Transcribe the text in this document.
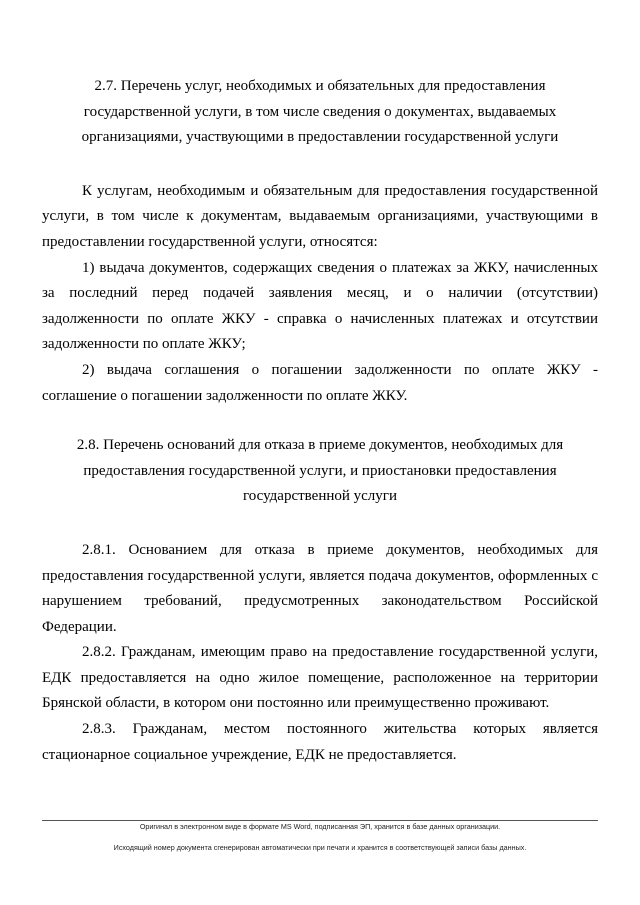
2.7. Перечень услуг, необходимых и обязательных для предоставления государственной услуги, в том числе сведения о документах, выдаваемых организациями, участвующими в предоставлении государственной услуги

К услугам, необходимым и обязательным для предоставления государственной услуги, в том числе к документам, выдаваемым организациями, участвующими в предоставлении государственной услуги, относятся:

1) выдача документов, содержащих сведения о платежах за ЖКУ, начисленных за последний перед подачей заявления месяц, и о наличии (отсутствии) задолженности по оплате ЖКУ - справка о начисленных платежах и отсутствии задолженности по оплате ЖКУ;

2) выдача соглашения о погашении задолженности по оплате ЖКУ - соглашение о погашении задолженности по оплате ЖКУ.

2.8. Перечень оснований для отказа в приеме документов, необходимых для предоставления государственной услуги, и приостановки предоставления государственной услуги

2.8.1. Основанием для отказа в приеме документов, необходимых для предоставления государственной услуги, является подача документов, оформленных с нарушением требований, предусмотренных законодательством Российской Федерации.

2.8.2. Гражданам, имеющим право на предоставление государственной услуги, ЕДК предоставляется на одно жилое помещение, расположенное на территории Брянской области, в котором они постоянно или преимущественно проживают.

2.8.3. Гражданам, местом постоянного жительства которых является стационарное социальное учреждение, ЕДК не предоставляется.

Оригинал в электронном виде в формате MS Word, подписанная ЭП, хранится в базе данных организации.
Исходящий номер документа сгенерирован автоматически при печати и хранится в соответствующей записи базы данных.
